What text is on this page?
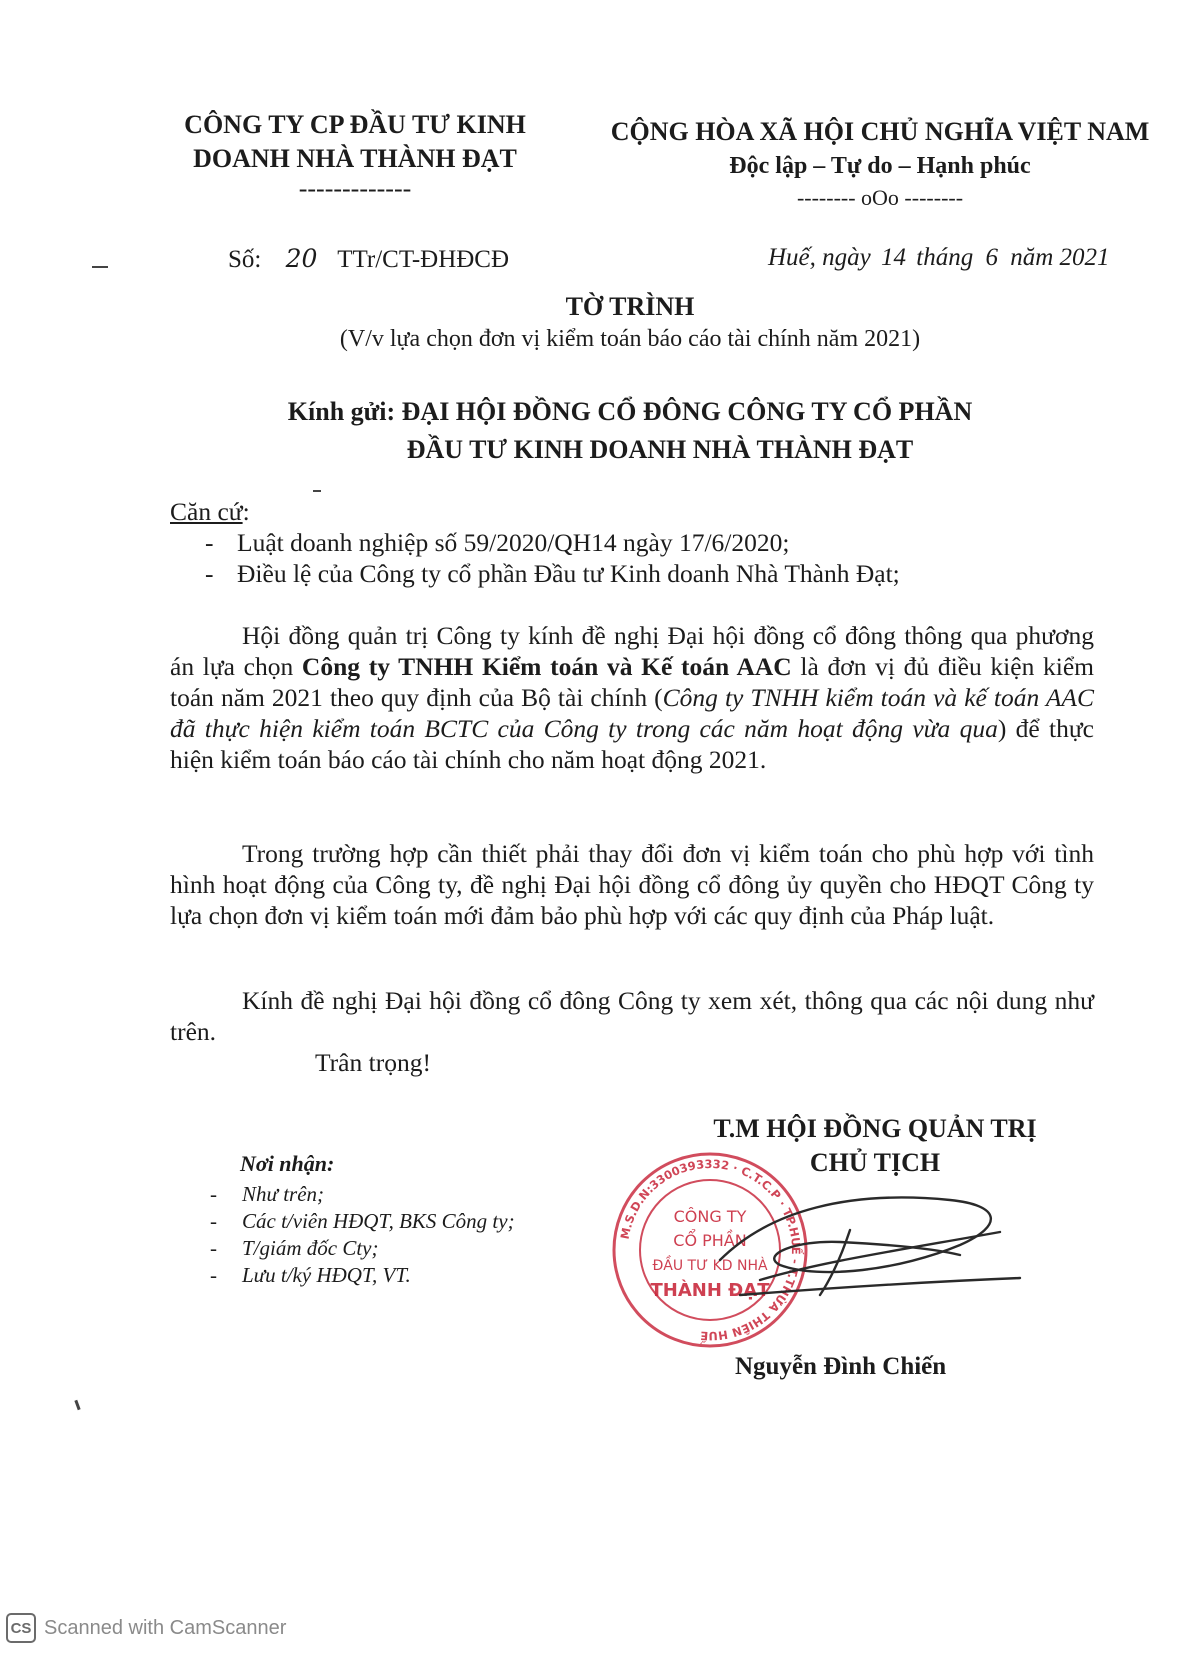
CÔNG TY CP ĐẦU TƯ KINH
DOANH NHÀ THÀNH ĐẠT
-------------
CỘNG HÒA XÃ HỘI CHỦ NGHĨA VIỆT NAM
Độc lập – Tự do – Hạnh phúc
-------- oOo --------
Số: 20 TTr/CT-ĐHĐCĐ	Huế, ngày 14 tháng 6 năm 2021
TỜ TRÌNH
(V/v lựa chọn đơn vị kiểm toán báo cáo tài chính năm 2021)
Kính gửi: ĐẠI HỘI ĐỒNG CỔ ĐÔNG CÔNG TY CỔ PHẦN
ĐẦU TƯ KINH DOANH NHÀ THÀNH ĐẠT
Căn cứ:
- Luật doanh nghiệp số 59/2020/QH14 ngày 17/6/2020;
- Điều lệ của Công ty cổ phần Đầu tư Kinh doanh Nhà Thành Đạt;

Hội đồng quản trị Công ty kính đề nghị Đại hội đồng cổ đông thông qua phương án lựa chọn Công ty TNHH Kiểm toán và Kế toán AAC là đơn vị đủ điều kiện kiểm toán năm 2021 theo quy định của Bộ tài chính (Công ty TNHH kiểm toán và kế toán AAC đã thực hiện kiểm toán BCTC của Công ty trong các năm hoạt động vừa qua) để thực hiện kiểm toán báo cáo tài chính cho năm hoạt động 2021.

Trong trường hợp cần thiết phải thay đổi đơn vị kiểm toán cho phù hợp với tình hình hoạt động của Công ty, đề nghị Đại hội đồng cổ đông ủy quyền cho HĐQT Công ty lựa chọn đơn vị kiểm toán mới đảm bảo phù hợp với các quy định của Pháp luật.

Kính đề nghị Đại hội đồng cổ đông Công ty xem xét, thông qua các nội dung như trên.

Trân trọng!
T.M HỘI ĐỒNG QUẢN TRỊ
CHỦ TỊCH
M.S.D.N:3300393332 · C.T.C.P · TP.HUẾ - T.THỪA THIÊN HUẾ
CÔNG TY
CỔ PHẦN
ĐẦU TƯ KD NHÀ
THÀNH ĐẠT
Nguyễn Đình Chiến
Nơi nhận:
- Như trên;
- Các t/viên HĐQT, BKS Công ty;
- T/giám đốc Cty;
- Lưu t/ký HĐQT, VT.
CS Scanned with CamScanner
